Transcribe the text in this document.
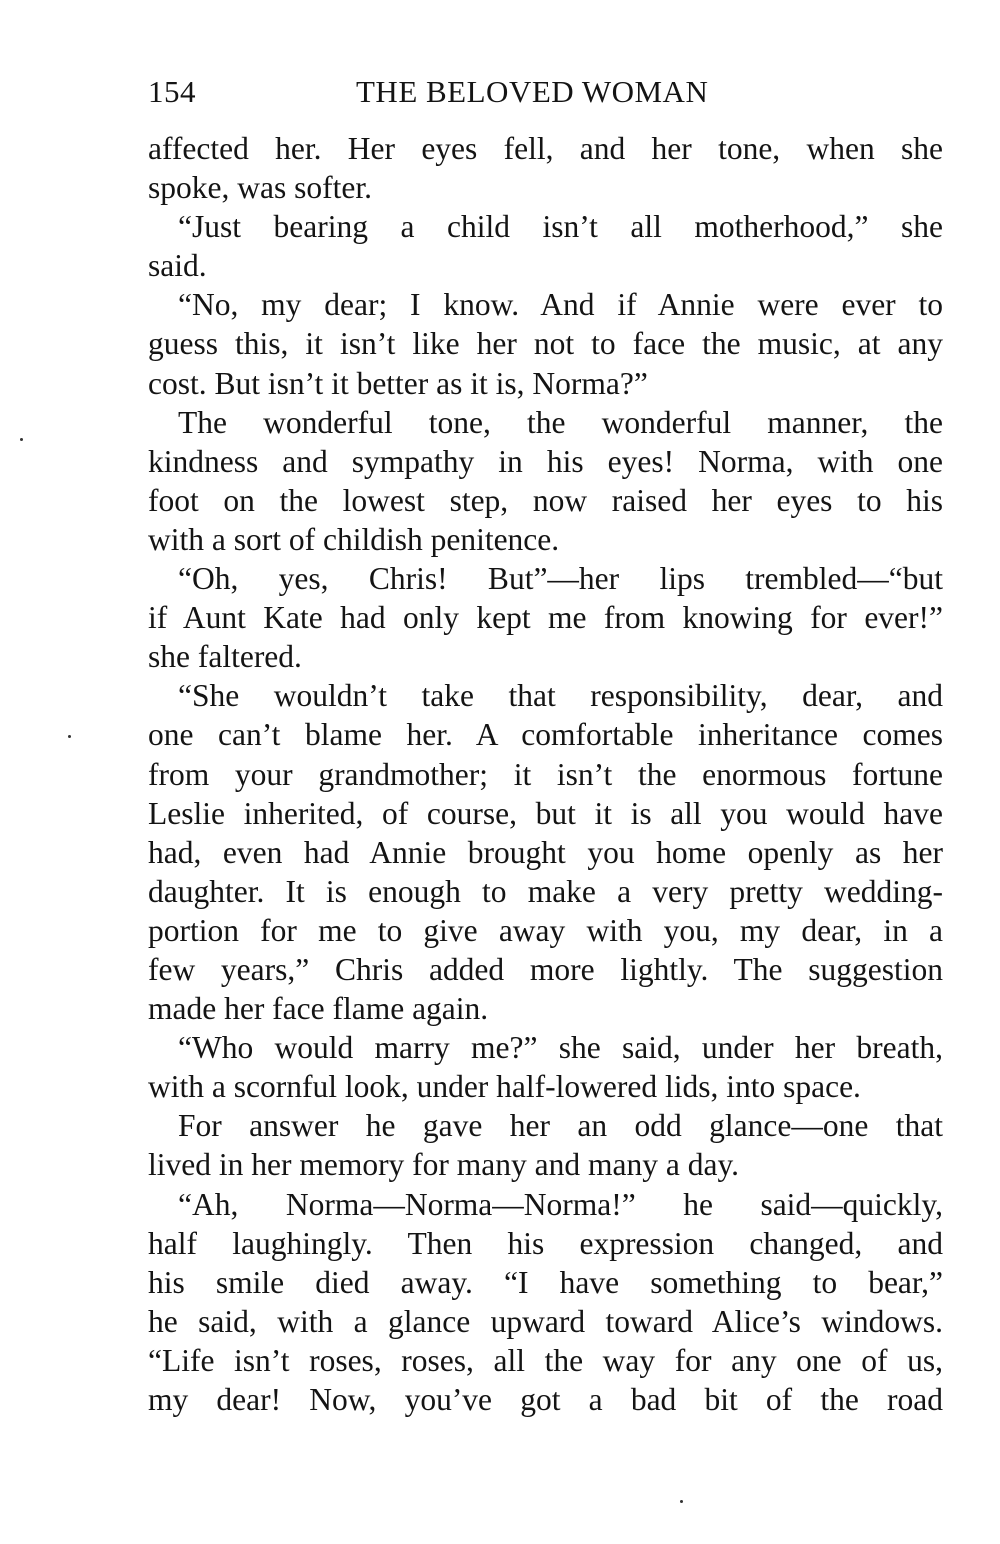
154	THE BELOVED WOMAN
affected her. Her eyes fell, and her tone, when she
spoke, was softer.
“Just bearing a child isn’t all motherhood,” she
said.
“No, my dear; I know. And if Annie were ever to
guess this, it isn’t like her not to face the music, at any
cost. But isn’t it better as it is, Norma?”
The wonderful tone, the wonderful manner, the
kindness and sympathy in his eyes! Norma, with one
foot on the lowest step, now raised her eyes to his
with a sort of childish penitence.
“Oh, yes, Chris! But”—her lips trembled—“but
if Aunt Kate had only kept me from knowing for ever!”
she faltered.
“She wouldn’t take that responsibility, dear, and
one can’t blame her. A comfortable inheritance comes
from your grandmother; it isn’t the enormous fortune
Leslie inherited, of course, but it is all you would have
had, even had Annie brought you home openly as her
daughter. It is enough to make a very pretty wedding-
portion for me to give away with you, my dear, in a
few years,” Chris added more lightly. The suggestion
made her face flame again.
“Who would marry me?” she said, under her breath,
with a scornful look, under half-lowered lids, into space.
For answer he gave her an odd glance—one that
lived in her memory for many and many a day.
“Ah, Norma—Norma—Norma!” he said—quickly,
half laughingly. Then his expression changed, and
his smile died away. “I have something to bear,”
he said, with a glance upward toward Alice’s windows.
“Life isn’t roses, roses, all the way for any one of us,
my dear! Now, you’ve got a bad bit of the road
